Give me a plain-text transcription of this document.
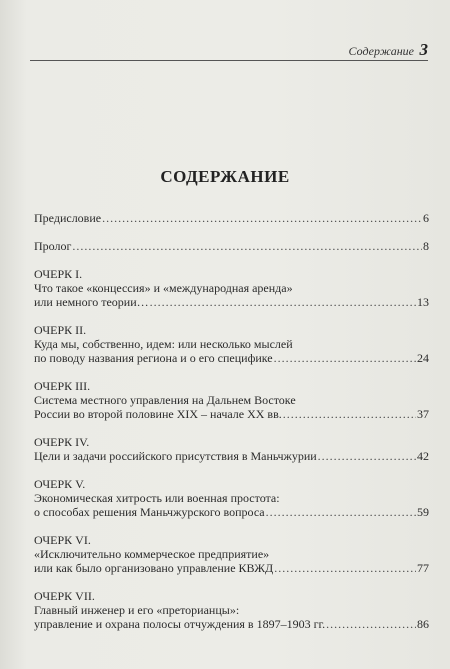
Содержание 3
СОДЕРЖАНИЕ
Предисловие .....	6
Пролог .....	8
ОЧЕРК I.
Что такое «концессия» и «международная аренда»
или немного теории… .....	13
ОЧЕРК II.
Куда мы, собственно, идем: или несколько мыслей
по поводу названия региона и о его специфике .....	24
ОЧЕРК III.
Система местного управления на Дальнем Востоке
России во второй половине XIX – начале XX вв. .....	37
ОЧЕРК IV.
Цели и задачи российского присутствия в Маньчжурии .....	42
ОЧЕРК V.
Экономическая хитрость или военная простота:
о способах решения Маньчжурского вопроса .....	59
ОЧЕРК VI.
«Исключительно коммерческое предприятие»
или как было организовано управление КВЖД .....	77
ОЧЕРК VII.
Главный инженер и его «преторианцы»:
управление и охрана полосы отчуждения в 1897–1903 гг. .....	86
